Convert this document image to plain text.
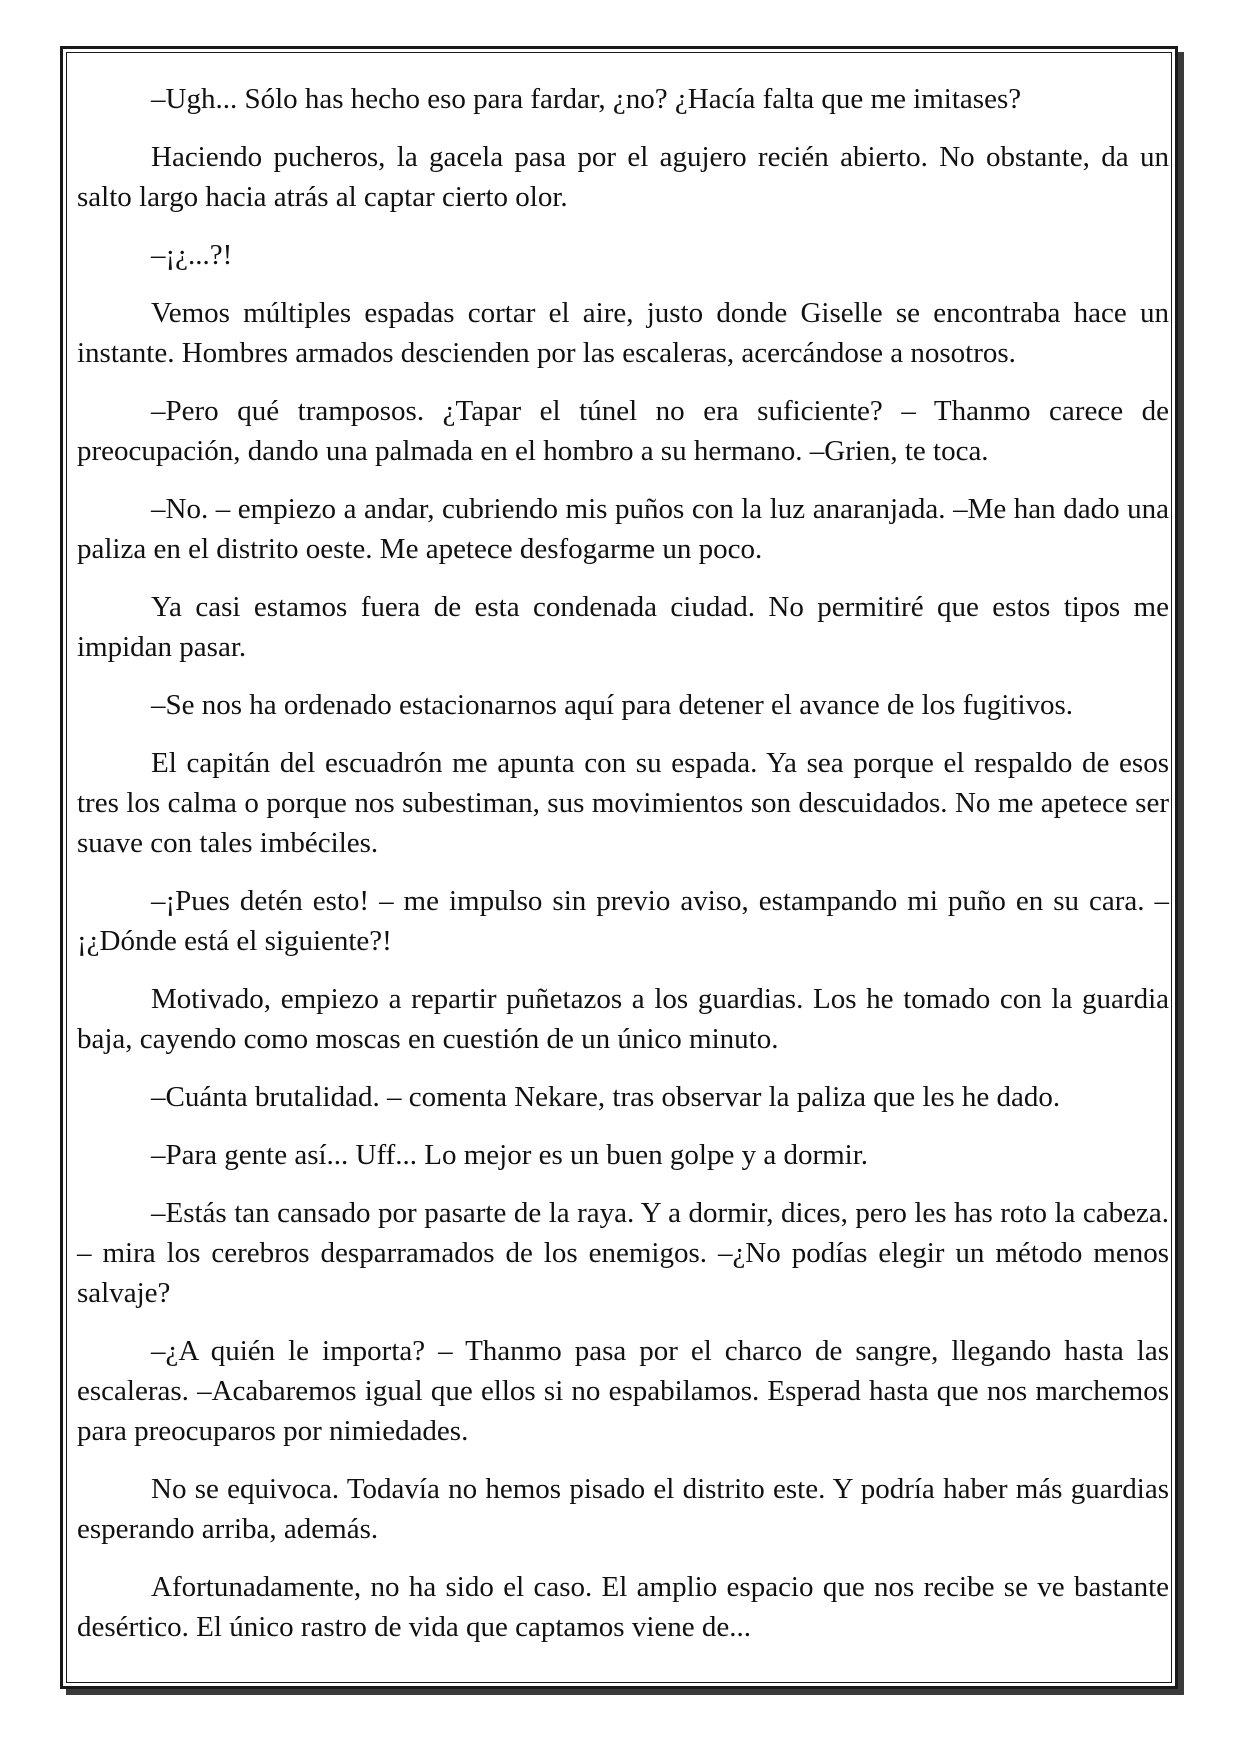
–Ugh... Sólo has hecho eso para fardar, ¿no? ¿Hacía falta que me imitases?

Haciendo pucheros, la gacela pasa por el agujero recién abierto. No obstante, da un salto largo hacia atrás al captar cierto olor.

–¡¿...?!

Vemos múltiples espadas cortar el aire, justo donde Giselle se encontraba hace un instante. Hombres armados descienden por las escaleras, acercándose a nosotros.

–Pero qué tramposos. ¿Tapar el túnel no era suficiente? – Thanmo carece de preocupación, dando una palmada en el hombro a su hermano. –Grien, te toca.

–No. – empiezo a andar, cubriendo mis puños con la luz anaranjada. –Me han dado una paliza en el distrito oeste. Me apetece desfogarme un poco.

Ya casi estamos fuera de esta condenada ciudad. No permitiré que estos tipos me impidan pasar.

–Se nos ha ordenado estacionarnos aquí para detener el avance de los fugitivos.

El capitán del escuadrón me apunta con su espada. Ya sea porque el respaldo de esos tres los calma o porque nos subestiman, sus movimientos son descuidados. No me apetece ser suave con tales imbéciles.

–¡Pues detén esto! – me impulso sin previo aviso, estampando mi puño en su cara. –¡¿Dónde está el siguiente?!

Motivado, empiezo a repartir puñetazos a los guardias. Los he tomado con la guardia baja, cayendo como moscas en cuestión de un único minuto.

–Cuánta brutalidad. – comenta Nekare, tras observar la paliza que les he dado.

–Para gente así... Uff... Lo mejor es un buen golpe y a dormir.

–Estás tan cansado por pasarte de la raya. Y a dormir, dices, pero les has roto la cabeza. – mira los cerebros desparramados de los enemigos. –¿No podías elegir un método menos salvaje?

–¿A quién le importa? – Thanmo pasa por el charco de sangre, llegando hasta las escaleras. –Acabaremos igual que ellos si no espabilamos. Esperad hasta que nos marchemos para preocuparos por nimiedades.

No se equivoca. Todavía no hemos pisado el distrito este. Y podría haber más guardias esperando arriba, además.

Afortunadamente, no ha sido el caso. El amplio espacio que nos recibe se ve bastante desértico. El único rastro de vida que captamos viene de...
